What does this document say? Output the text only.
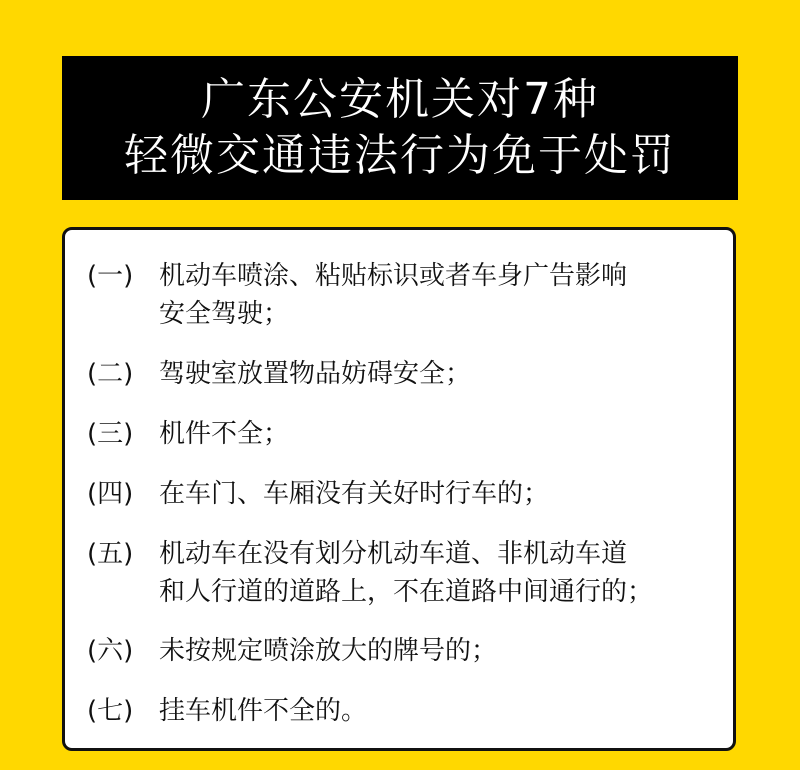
广东公安机关对7种
轻微交通违法行为免于处罚
(一) 机动车喷涂、粘贴标识或者车身广告影响
安全驾驶；
(二) 驾驶室放置物品妨碍安全；
(三) 机件不全；
(四) 在车门、车厢没有关好时行车的；
(五) 机动车在没有划分机动车道、非机动车道
和人行道的道路上，不在道路中间通行的；
(六) 未按规定喷涂放大的牌号的；
(七) 挂车机件不全的。
